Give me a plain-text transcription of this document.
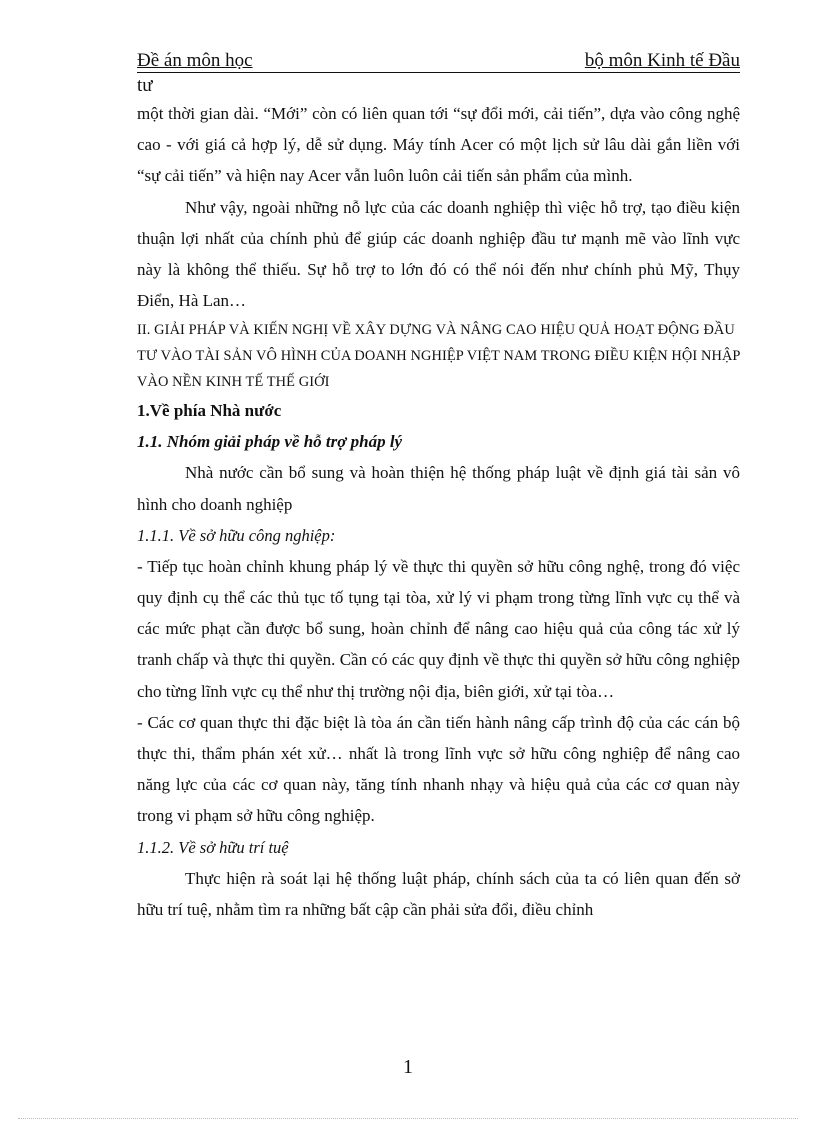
Đề án môn học	bộ môn Kinh tế Đầu
tư

một thời gian dài. “Mới” còn có liên quan tới “sự đổi mới, cải tiến”, dựa vào công nghệ cao - với giá cả hợp lý, dễ sử dụng. Máy tính Acer có một lịch sử lâu dài gắn liền với “sự cải tiến” và hiện nay Acer vẫn luôn luôn cải tiến sản phẩm của mình.

Như vậy, ngoài những nỗ lực của các doanh nghiệp thì việc hỗ trợ, tạo điều kiện thuận lợi nhất của chính phủ để giúp các doanh nghiệp đầu tư mạnh mẽ vào lĩnh vực này là không thể thiếu. Sự hỗ trợ to lớn đó có thể nói đến như chính phủ Mỹ, Thụy Điển, Hà Lan…

II. GIẢI PHÁP VÀ KIẾN NGHỊ VỀ XÂY DỰNG VÀ NÂNG CAO HIỆU QUẢ HOẠT ĐỘNG ĐẦU TƯ VÀO TÀI SẢN VÔ HÌNH CỦA DOANH NGHIỆP VIỆT NAM TRONG ĐIỀU KIỆN HỘI NHẬP VÀO NỀN KINH TẾ THẾ GIỚI

1.Về phía Nhà nước

1.1. Nhóm giải pháp về hỗ trợ pháp lý

Nhà nước cần bổ sung và hoàn thiện hệ thống pháp luật về định giá tài sản vô hình cho doanh nghiệp

1.1.1. Về sở hữu công nghiệp:

- Tiếp tục hoàn chỉnh khung pháp lý về thực thi quyền sở hữu công nghệ, trong đó việc quy định cụ thể các thủ tục tố tụng tại tòa, xử lý vi phạm trong từng lĩnh vực cụ thể và các mức phạt cần được bổ sung, hoàn chỉnh để nâng cao hiệu quả của công tác xử lý tranh chấp và thực thi quyền. Cần có các quy định về thực thi quyền sở hữu công nghiệp cho từng lĩnh vực cụ thể như thị trường nội địa, biên giới, xử tại tòa…

- Các cơ quan thực thi đặc biệt là tòa án cần tiến hành nâng cấp trình độ của các cán bộ thực thi, thẩm phán xét xử… nhất là trong lĩnh vực sở hữu công nghiệp để nâng cao năng lực của các cơ quan này, tăng tính nhanh nhạy và hiệu quả của các cơ quan này trong vi phạm sở hữu công nghiệp.

1.1.2. Về sở hữu trí tuệ

Thực hiện rà soát lại hệ thống luật pháp, chính sách của ta có liên quan đến sở hữu trí tuệ, nhằm tìm ra những bất cập cần phải sửa đổi, điều chỉnh

1
